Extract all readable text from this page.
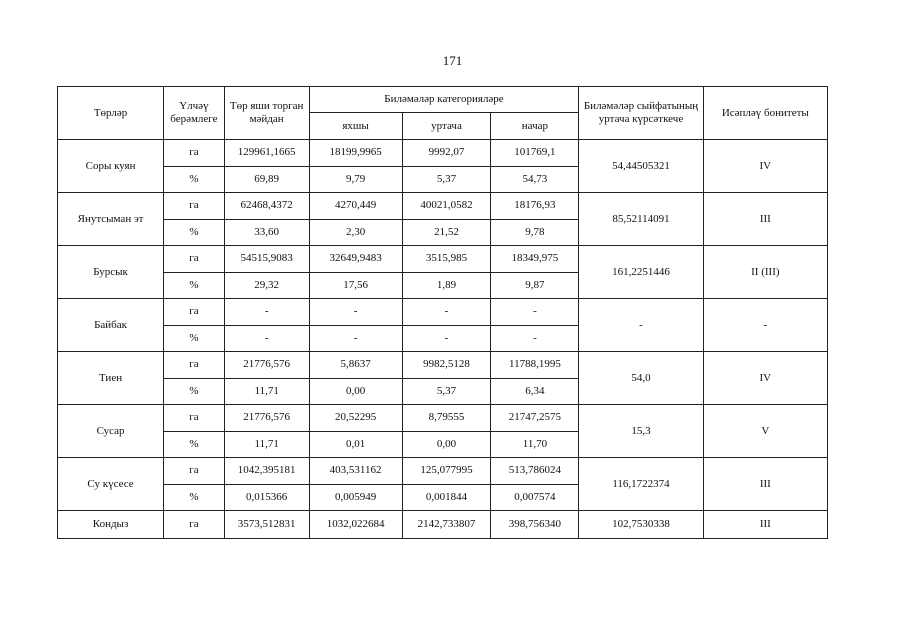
171
Төрләр	Үлчәү берәмлеге	Төр яши торган мәйдан	Биләмәләр категорияләре			Биләмәләр сыйфатының уртача күрсәткече	Исәпләү бонитеты
			яхшы	уртача	начар		
Соры куян	га	129961,1665	18199,9965	9992,07	101769,1	54,44505321	IV
	%	69,89	9,79	5,37	54,73		
Янутсыман эт	га	62468,4372	4270,449	40021,0582	18176,93	85,52114091	III
	%	33,60	2,30	21,52	9,78		
Бурсык	га	54515,9083	32649,9483	3515,985	18349,975	161,2251446	II (III)
	%	29,32	17,56	1,89	9,87		
Байбак	га	-	-	-	-	-	-
	%	-	-	-	-		
Тиен	га	21776,576	5,8637	9982,5128	11788,1995	54,0	IV
	%	11,71	0,00	5,37	6,34		
Сусар	га	21776,576	20,52295	8,79555	21747,2575	15,3	V
	%	11,71	0,01	0,00	11,70		
Су күсесе	га	1042,395181	403,531162	125,077995	513,786024	116,1722374	III
	%	0,015366	0,005949	0,001844	0,007574		
Кондыз	га	3573,512831	1032,022684	2142,733807	398,756340	102,7530338	III
